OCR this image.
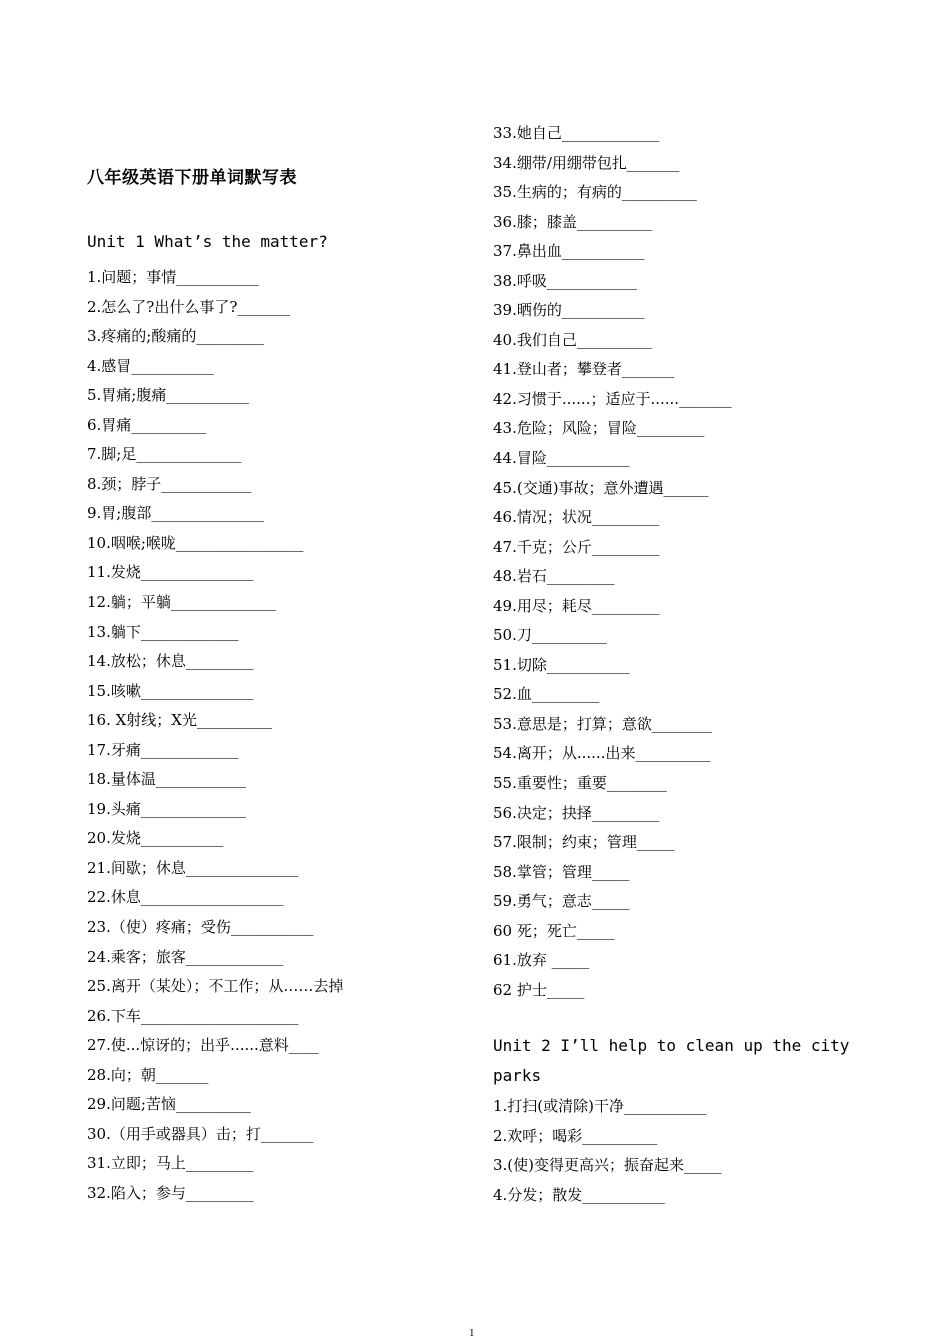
八年级英语下册单词默写表
Unit 1 What’s the matter?
1.问题；事情___________
2.怎么了?出什么事了?_______
3.疼痛的;酸痛的_________
4.感冒___________
5.胃痛;腹痛___________
6.胃痛__________
7.脚;足______________
8.颈；脖子____________
9.胃;腹部_______________
10.咽喉;喉咙_________________
11.发烧_______________
12.躺；平躺______________
13.躺下_____________
14.放松；休息_________
15.咳嗽_______________
16. X射线；X光__________
17.牙痛_____________
18.量体温____________
19.头痛______________
20.发烧___________
21.间歇；休息_______________
22.休息___________________
23.（使）疼痛；受伤___________
24.乘客；旅客_____________
25.离开（某处）；不工作；从……去掉
26.下车_____________________
27.使...惊讶的；出乎......意料____
28.向；朝_______
29.问题;苦恼__________
30.（用手或器具）击；打_______
31.立即；马上_________
32.陷入；参与_________
33.她自己_____________
34.绷带/用绷带包扎_______
35.生病的；有病的__________
36.膝；膝盖__________
37.鼻出血___________
38.呼吸____________
39.晒伤的___________
40.我们自己__________
41.登山者；攀登者_______
42.习惯于......；适应于......_______
43.危险；风险；冒险_________
44.冒险___________
45.(交通)事故；意外遭遇______
46.情况；状况_________
47.千克；公斤_________
48.岩石_________
49.用尽；耗尽_________
50.刀__________
51.切除___________
52.血_________
53.意思是；打算；意欲________
54.离开；从......出来__________
55.重要性；重要________
56.决定；抉择_________
57.限制；约束；管理_____
58.掌管；管理_____
59.勇气；意志_____
60 死；死亡_____
61.放弃 _____
62 护士_____
Unit 2 I’ll help to clean up the city parks
1.打扫(或清除)干净___________
2.欢呼；喝彩__________
3.(使)变得更高兴；振奋起来_____
4.分发；散发___________
1
